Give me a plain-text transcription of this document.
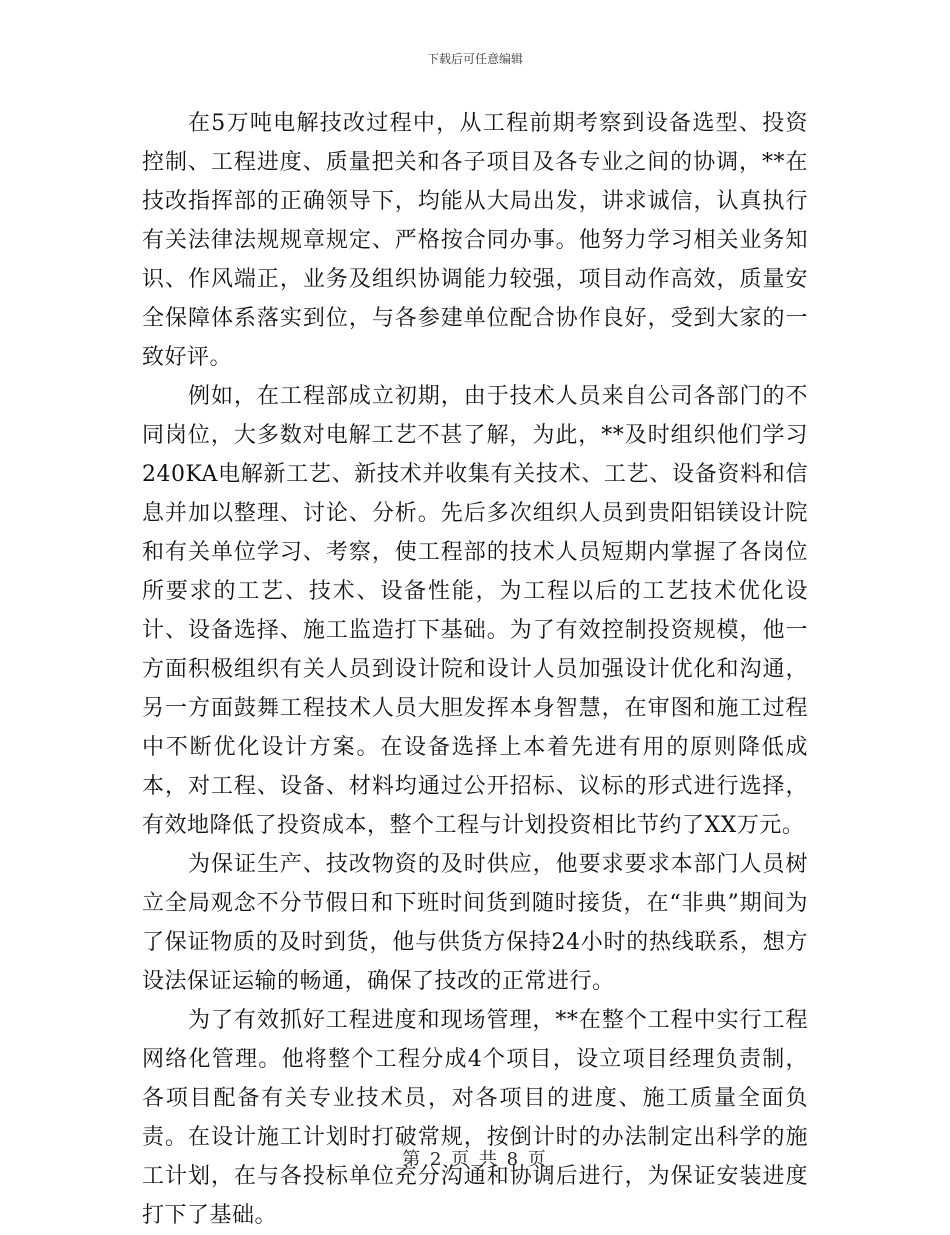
下载后可任意编辑

在5万吨电解技改过程中，从工程前期考察到设备选型、投资控制、工程进度、质量把关和各子项目及各专业之间的协调，**在技改指挥部的正确领导下，均能从大局出发，讲求诚信，认真执行有关法律法规规章规定、严格按合同办事。他努力学习相关业务知识、作风端正，业务及组织协调能力较强，项目动作高效，质量安全保障体系落实到位，与各参建单位配合协作良好，受到大家的一致好评。

例如，在工程部成立初期，由于技术人员来自公司各部门的不同岗位，大多数对电解工艺不甚了解，为此，**及时组织他们学习240KA电解新工艺、新技术并收集有关技术、工艺、设备资料和信息并加以整理、讨论、分析。先后多次组织人员到贵阳铝镁设计院和有关单位学习、考察，使工程部的技术人员短期内掌握了各岗位所要求的工艺、技术、设备性能，为工程以后的工艺技术优化设计、设备选择、施工监造打下基础。为了有效控制投资规模，他一方面积极组织有关人员到设计院和设计人员加强设计优化和沟通，另一方面鼓舞工程技术人员大胆发挥本身智慧，在审图和施工过程中不断优化设计方案。在设备选择上本着先进有用的原则降低成本，对工程、设备、材料均通过公开招标、议标的形式进行选择，有效地降低了投资成本，整个工程与计划投资相比节约了XX万元。

为保证生产、技改物资的及时供应，他要求要求本部门人员树立全局观念不分节假日和下班时间货到随时接货，在“非典”期间为了保证物质的及时到货，他与供货方保持24小时的热线联系，想方设法保证运输的畅通，确保了技改的正常进行。

为了有效抓好工程进度和现场管理，**在整个工程中实行工程网络化管理。他将整个工程分成4个项目，设立项目经理负责制，各项目配备有关专业技术员，对各项目的进度、施工质量全面负责。在设计施工计划时打破常规，按倒计时的办法制定出科学的施工计划，在与各投标单位充分沟通和协调后进行，为保证安装进度打下了基础。

第 2 页 共 8 页
